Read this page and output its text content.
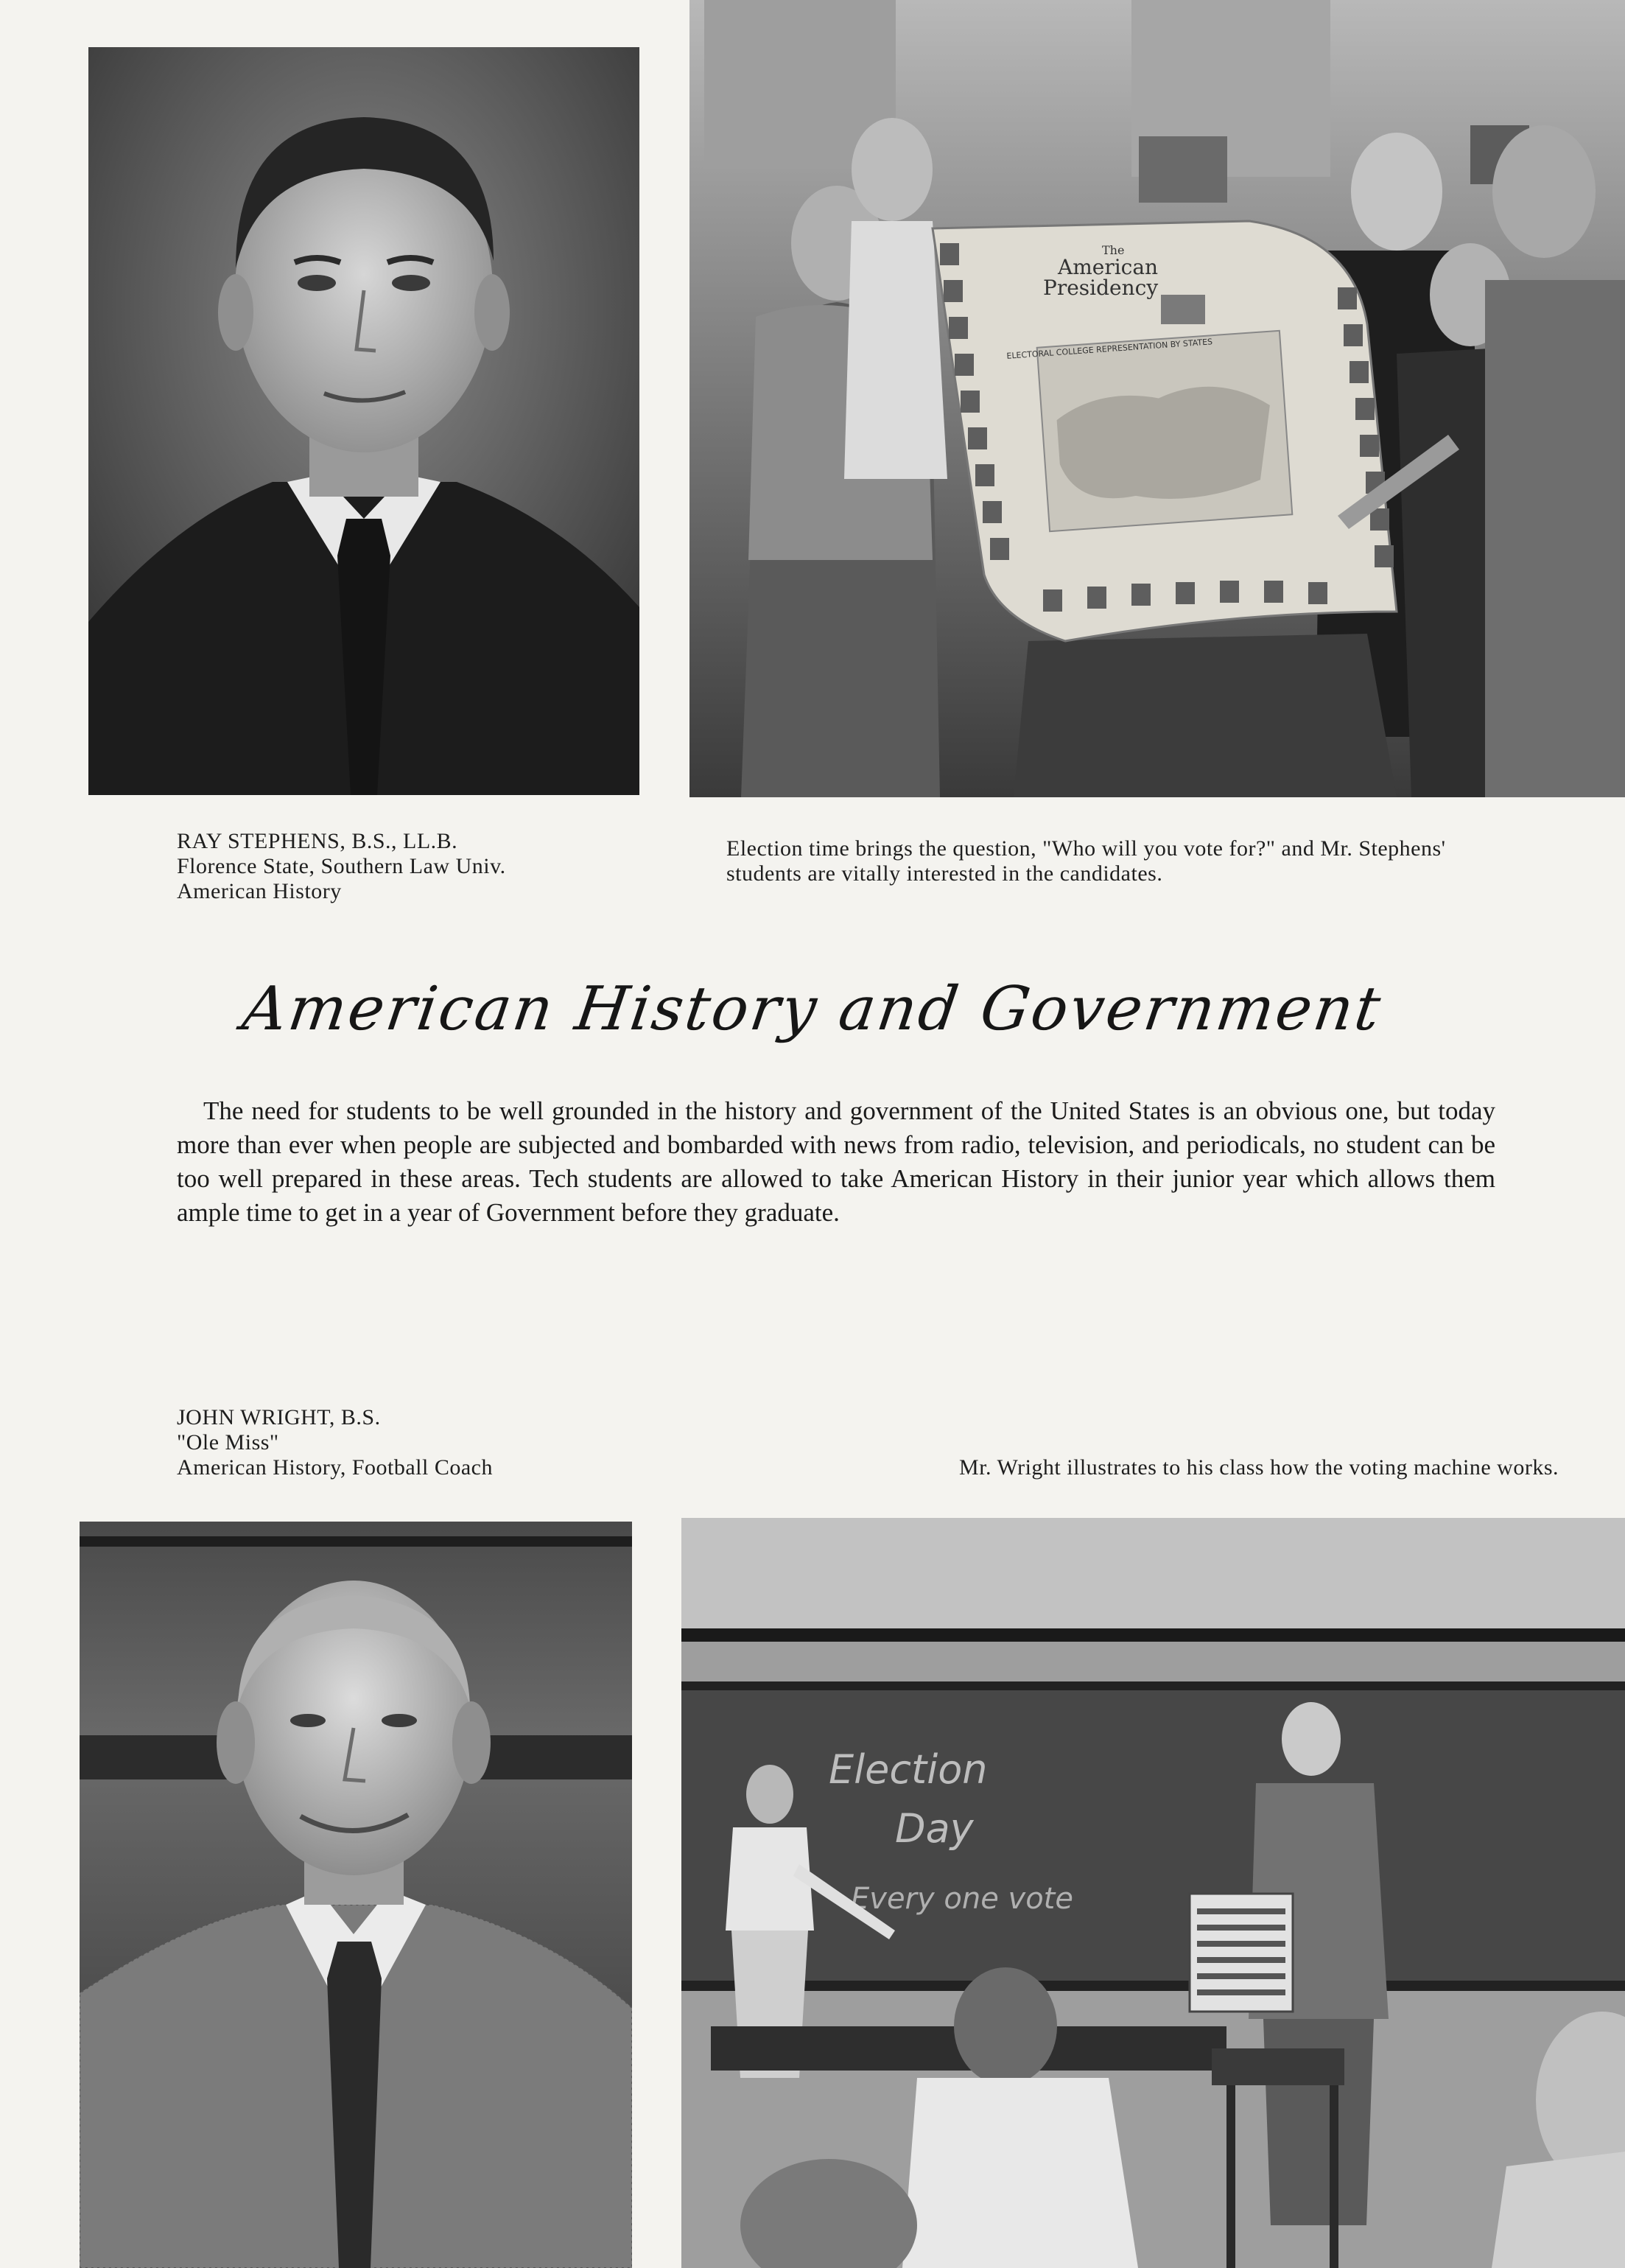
The
American
Presidency
ELECTORAL COLLEGE REPRESENTATION BY STATES
RAY STEPHENS, B.S., LL.B.
Florence State, Southern Law Univ.
American History
Election time brings the question, "Who will you vote for?" and Mr. Stephens'
students are vitally interested in the candidates.
American History and Government
The need for students to be well grounded in the history and government of the United States is an obvious one, but today more than ever when people are subjected and bombarded with news from radio, television, and periodicals, no student can be too well prepared in these areas. Tech students are allowed to take American History in their junior year which allows them ample time to get in a year of Government before they graduate.
JOHN WRIGHT, B.S.
"Ole Miss"
American History, Football Coach	Mr. Wright illustrates to his class how the voting machine works.
Election
Day
Every one vote
